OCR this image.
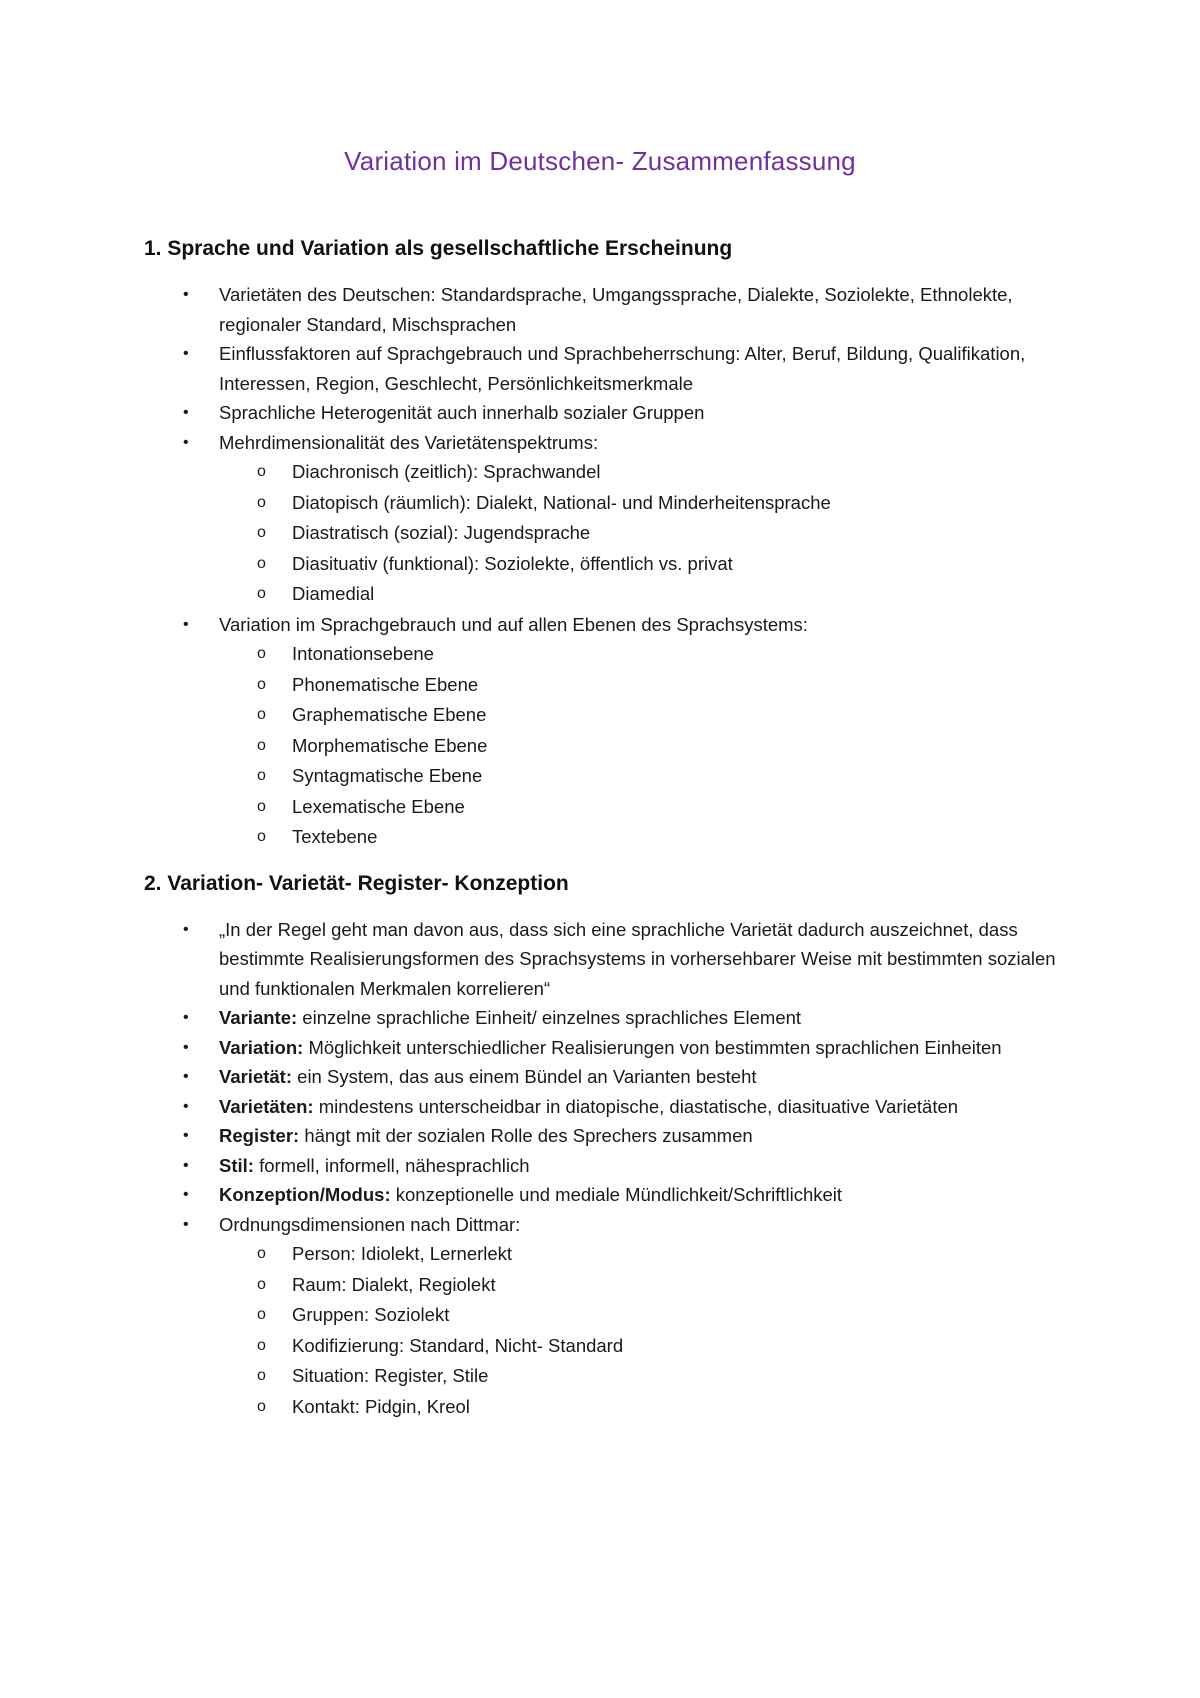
Variation im Deutschen- Zusammenfassung
1. Sprache und Variation als gesellschaftliche Erscheinung
• Varietäten des Deutschen: Standardsprache, Umgangssprache, Dialekte, Soziolekte, Ethnolekte, regionaler Standard, Mischsprachen
• Einflussfaktoren auf Sprachgebrauch und Sprachbeherrschung: Alter, Beruf, Bildung, Qualifikation, Interessen, Region, Geschlecht, Persönlichkeitsmerkmale
• Sprachliche Heterogenität auch innerhalb sozialer Gruppen
• Mehrdimensionalität des Varietätenspektrums:
o Diachronisch (zeitlich): Sprachwandel
o Diatopisch (räumlich): Dialekt, National- und Minderheitensprache
o Diastratisch (sozial): Jugendsprache
o Diasituativ (funktional): Soziolekte, öffentlich vs. privat
o Diamedial
• Variation im Sprachgebrauch und auf allen Ebenen des Sprachsystems:
o Intonationsebene
o Phonematische Ebene
o Graphematische Ebene
o Morphematische Ebene
o Syntagmatische Ebene
o Lexematische Ebene
o Textebene
2. Variation- Varietät- Register- Konzeption
• „In der Regel geht man davon aus, dass sich eine sprachliche Varietät dadurch auszeichnet, dass bestimmte Realisierungsformen des Sprachsystems in vorhersehbarer Weise mit bestimmten sozialen und funktionalen Merkmalen korrelieren“
• Variante: einzelne sprachliche Einheit/ einzelnes sprachliches Element
• Variation: Möglichkeit unterschiedlicher Realisierungen von bestimmten sprachlichen Einheiten
• Varietät: ein System, das aus einem Bündel an Varianten besteht
• Varietäten: mindestens unterscheidbar in diatopische, diastatische, diasituative Varietäten
• Register: hängt mit der sozialen Rolle des Sprechers zusammen
• Stil: formell, informell, nähesprachlich
• Konzeption/Modus: konzeptionelle und mediale Mündlichkeit/Schriftlichkeit
• Ordnungsdimensionen nach Dittmar:
o Person: Idiolekt, Lernerlekt
o Raum: Dialekt, Regiolekt
o Gruppen: Soziolekt
o Kodifizierung: Standard, Nicht- Standard
o Situation: Register, Stile
o Kontakt: Pidgin, Kreol
